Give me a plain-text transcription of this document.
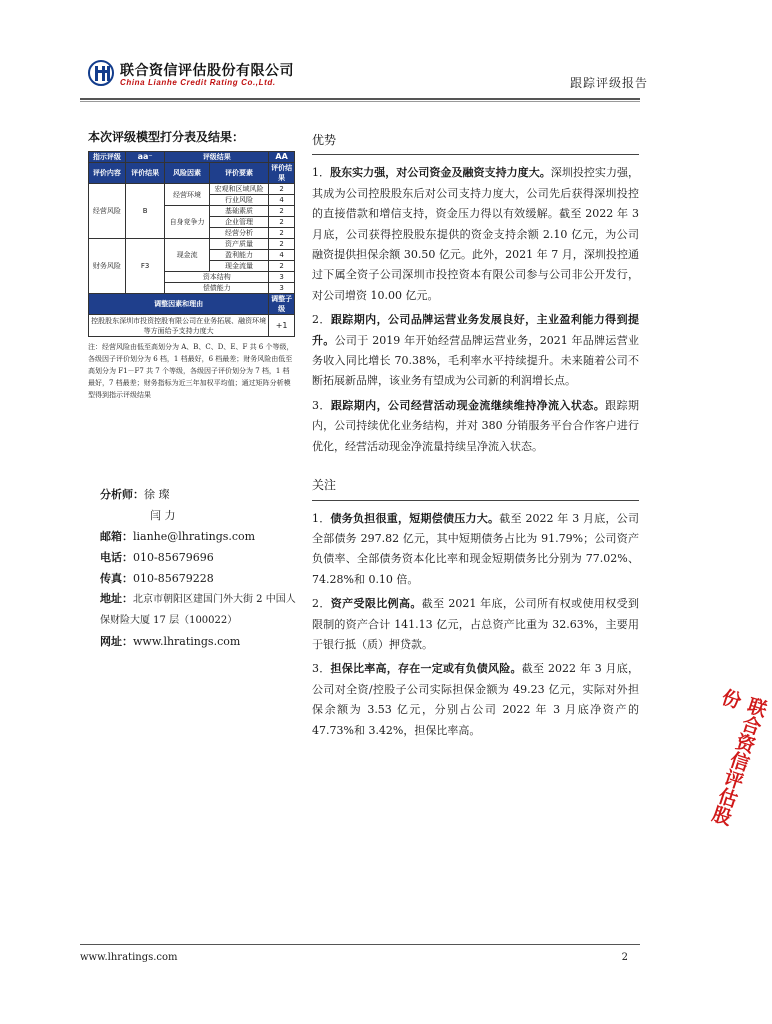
联合资信评估股份有限公司
China Lianhe Credit Rating Co.,Ltd.	跟踪评级报告
本次评级模型打分表及结果：
指示评级	aa⁻	评级结果		AA
评价内容	评价结果	风险因素	评价要素	评价结果
经营风险	B	经营环境	宏观和区域风险	2
			行业风险	4
		自身竞争力	基础素质	2
			企业管理	2
			经营分析	2
财务风险	F3	现金流	资产质量	2
			盈利能力	4
			现金流量	2
		资本结构		3
		偿债能力		3
调整因素和理由				调整子级
控股股东深圳市投资控股有限公司在业务拓展、融资环境等方面给予支持力度大				+1
注：经营风险由低至高划分为 A、B、C、D、E、F 共 6 个等级，各级因子评价划分为 6 档，1 档最好，6 档最差；财务风险由低至高划分为 F1－F7 共 7 个等级，各级因子评价划分为 7 档，1 档最好，7 档最差；财务指标为近三年加权平均值；通过矩阵分析模型得到指示评级结果
分析师：徐 璨
闫 力
邮箱：lianhe@lhratings.com
电话：010-85679696
传真：010-85679228
地址：北京市朝阳区建国门外大街 2 中国人保财险大厦 17 层（100022）
网址：www.lhratings.com
优势

1．股东实力强，对公司资金及融资支持力度大。深圳投控实力强，其成为公司控股股东后对公司支持力度大，公司先后获得深圳投控的直接借款和增信支持，资金压力得以有效缓解。截至 2022 年 3 月底，公司获得控股股东提供的资金支持余额 2.10 亿元，为公司融资提供担保余额 30.50 亿元。此外，2021 年 7 月，深圳投控通过下属全资子公司深圳市投控资本有限公司参与公司非公开发行，对公司增资 10.00 亿元。

2．跟踪期内，公司品牌运营业务发展良好，主业盈利能力得到提升。公司于 2019 年开始经营品牌运营业务，2021 年品牌运营业务收入同比增长 70.38%，毛利率水平持续提升。未来随着公司不断拓展新品牌，该业务有望成为公司新的利润增长点。

3．跟踪期内，公司经营活动现金流继续维持净流入状态。跟踪期内，公司持续优化业务结构，并对 380 分销服务平台合作客户进行优化，经营活动现金净流量持续呈净流入状态。

关注

1．债务负担很重，短期偿债压力大。截至 2022 年 3 月底，公司全部债务 297.82 亿元，其中短期债务占比为 91.79%；公司资产负债率、全部债务资本化比率和现金短期债务比分别为 77.02%、74.28%和 0.10 倍。

2．资产受限比例高。截至 2021 年底，公司所有权或使用权受到限制的资产合计 141.13 亿元，占总资产比重为 32.63%，主要用于银行抵（质）押贷款。

3．担保比率高，存在一定或有负债风险。截至 2022 年 3 月底，公司对全资/控股子公司实际担保金额为 49.23 亿元，实际对外担保余额为 3.53 亿元，分别占公司 2022 年 3 月底净资产的 47.73%和 3.42%，担保比率高。	联合资信评估股份
www.lhratings.com	2
